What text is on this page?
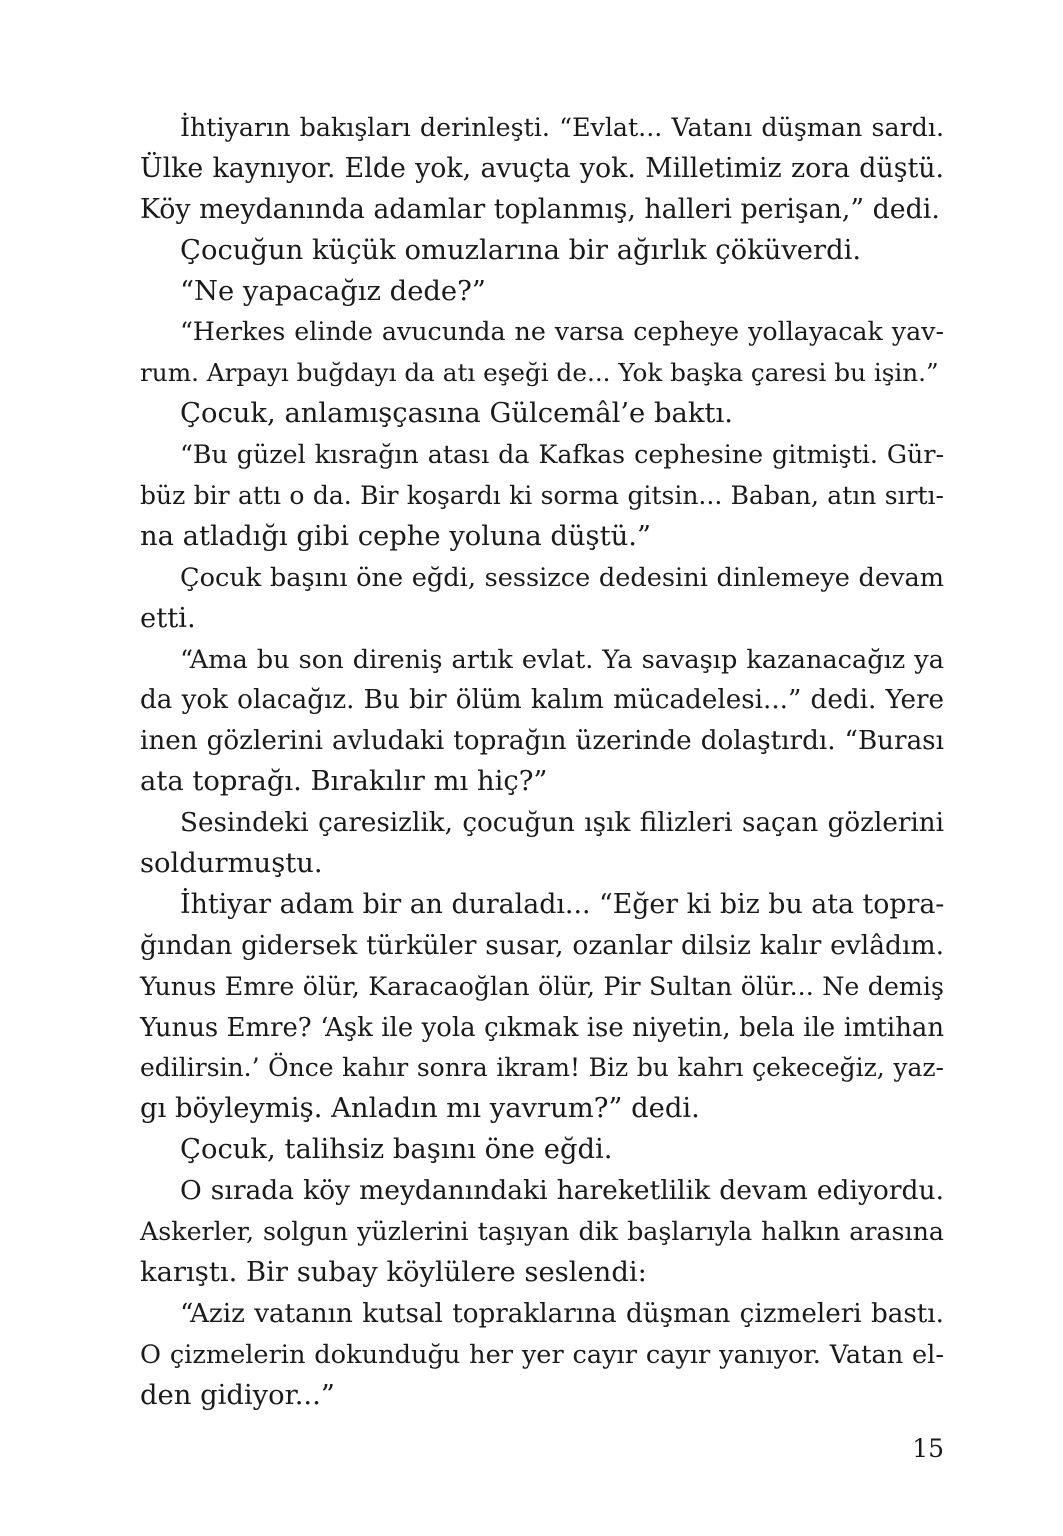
İhtiyarın bakışları derinleşti. “Evlat... Vatanı düşman sardı.
Ülke kaynıyor. Elde yok, avuçta yok. Milletimiz zora düştü.
Köy meydanında adamlar toplanmış, halleri perişan,” dedi.
Çocuğun küçük omuzlarına bir ağırlık çöküverdi.
“Ne yapacağız dede?”
“Herkes elinde avucunda ne varsa cepheye yollayacak yav-
rum. Arpayı buğdayı da atı eşeği de... Yok başka çaresi bu işin.”
Çocuk, anlamışçasına Gülcemâl’e baktı.
“Bu güzel kısrağın atası da Kafkas cephesine gitmişti. Gür-
büz bir attı o da. Bir koşardı ki sorma gitsin... Baban, atın sırtı-
na atladığı gibi cephe yoluna düştü.”
Çocuk başını öne eğdi, sessizce dedesini dinlemeye devam
etti.
“Ama bu son direniş artık evlat. Ya savaşıp kazanacağız ya
da yok olacağız. Bu bir ölüm kalım mücadelesi...” dedi. Yere
inen gözlerini avludaki toprağın üzerinde dolaştırdı. “Burası
ata toprağı. Bırakılır mı hiç?”
Sesindeki çaresizlik, çocuğun ışık filizleri saçan gözlerini
soldurmuştu.
İhtiyar adam bir an duraladı... “Eğer ki biz bu ata topra-
ğından gidersek türküler susar, ozanlar dilsiz kalır evlâdım.
Yunus Emre ölür, Karacaoğlan ölür, Pir Sultan ölür... Ne demiş
Yunus Emre? ‘Aşk ile yola çıkmak ise niyetin, bela ile imtihan
edilirsin.’ Önce kahır sonra ikram! Biz bu kahrı çekeceğiz, yaz-
gı böyleymiş. Anladın mı yavrum?” dedi.
Çocuk, talihsiz başını öne eğdi.
O sırada köy meydanındaki hareketlilik devam ediyordu.
Askerler, solgun yüzlerini taşıyan dik başlarıyla halkın arasına
karıştı. Bir subay köylülere seslendi:
“Aziz vatanın kutsal topraklarına düşman çizmeleri bastı.
O çizmelerin dokunduğu her yer cayır cayır yanıyor. Vatan el-
den gidiyor...”
15
